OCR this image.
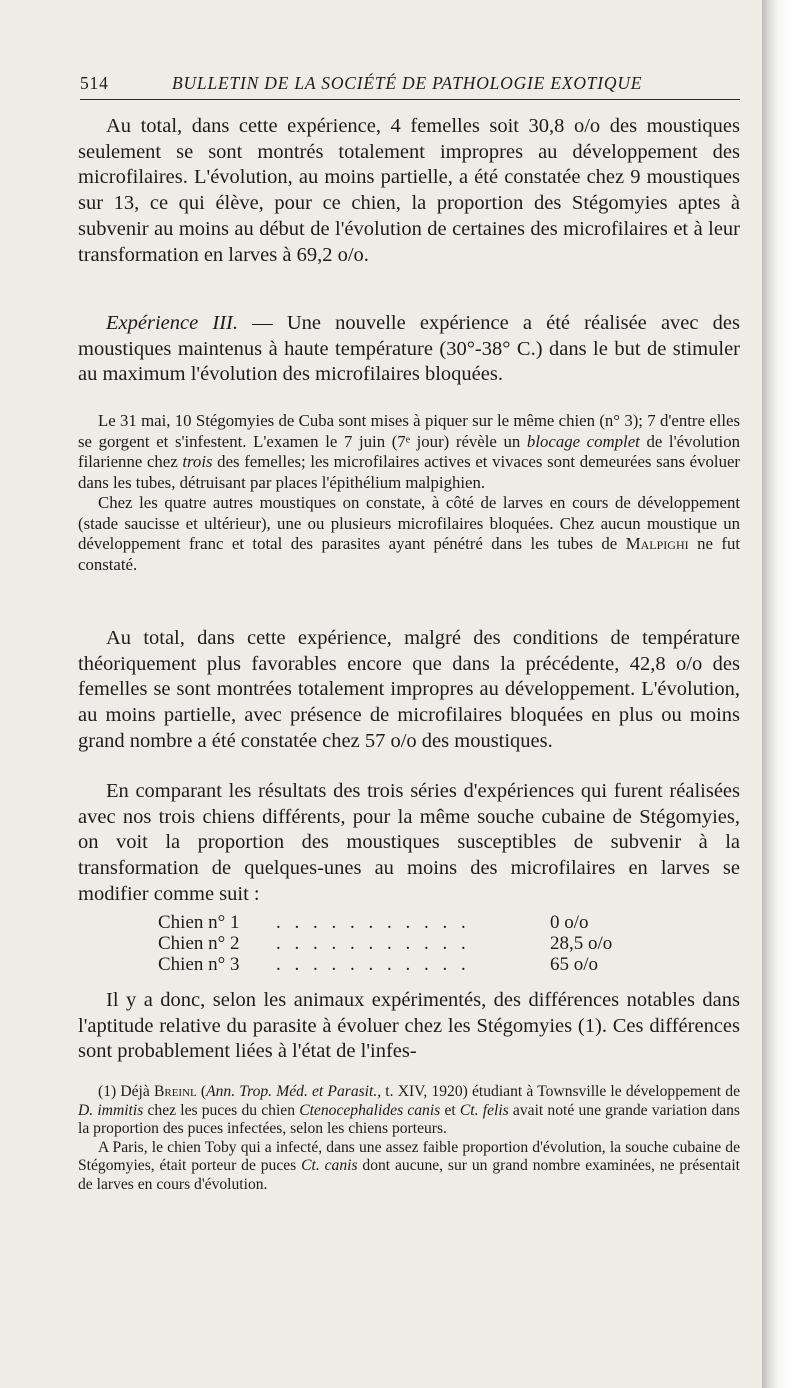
514	BULLETIN DE LA SOCIÉTÉ DE PATHOLOGIE EXOTIQUE

Au total, dans cette expérience, 4 femelles soit 30,8 o/o des moustiques seulement se sont montrés totalement impropres au développement des microfilaires. L'évolution, au moins partielle, a été constatée chez 9 moustiques sur 13, ce qui élève, pour ce chien, la proportion des Stégomyies aptes à subvenir au moins au début de l'évolution de certaines des microfilaires et à leur transformation en larves à 69,2 o/o.

Expérience III. — Une nouvelle expérience a été réalisée avec des moustiques maintenus à haute température (30°-38° C.) dans le but de stimuler au maximum l'évolution des microfilaires bloquées.

Le 31 mai, 10 Stégomyies de Cuba sont mises à piquer sur le même chien (n° 3); 7 d'entre elles se gorgent et s'infestent. L'examen le 7 juin (7ᵉ jour) révèle un blocage complet de l'évolution filarienne chez trois des femelles; les microfilaires actives et vivaces sont demeurées sans évoluer dans les tubes, détruisant par places l'épithélium malpighien.

Chez les quatre autres moustiques on constate, à côté de larves en cours de développement (stade saucisse et ultérieur), une ou plusieurs microfilaires bloquées. Chez aucun moustique un développement franc et total des parasites ayant pénétré dans les tubes de Malpighi ne fut constaté.

Au total, dans cette expérience, malgré des conditions de température théoriquement plus favorables encore que dans la précédente, 42,8 o/o des femelles se sont montrées totalement impropres au développement. L'évolution, au moins partielle, avec présence de microfilaires bloquées en plus ou moins grand nombre a été constatée chez 57 o/o des moustiques.

En comparant les résultats des trois séries d'expériences qui furent réalisées avec nos trois chiens différents, pour la même souche cubaine de Stégomyies, on voit la proportion des moustiques susceptibles de subvenir à la transformation de quelques-unes au moins des microfilaires en larves se modifier comme suit :

Chien n° 1 . . . . . . . . . . .	0 o/o
Chien n° 2 . . . . . . . . . . .	28,5 o/o
Chien n° 3 . . . . . . . . . . .	65 o/o

Il y a donc, selon les animaux expérimentés, des différences notables dans l'aptitude relative du parasite à évoluer chez les Stégomyies (1). Ces différences sont probablement liées à l'état de l'infes-

(1) Déjà Breinl (Ann. Trop. Méd. et Parasit., t. XIV, 1920) étudiant à Townsville le développement de D. immitis chez les puces du chien Ctenocephalides canis et Ct. felis avait noté une grande variation dans la proportion des puces infectées, selon les chiens porteurs.

A Paris, le chien Toby qui a infecté, dans une assez faible proportion d'évolution, la souche cubaine de Stégomyies, était porteur de puces Ct. canis dont aucune, sur un grand nombre examinées, ne présentait de larves en cours d'évolution.
